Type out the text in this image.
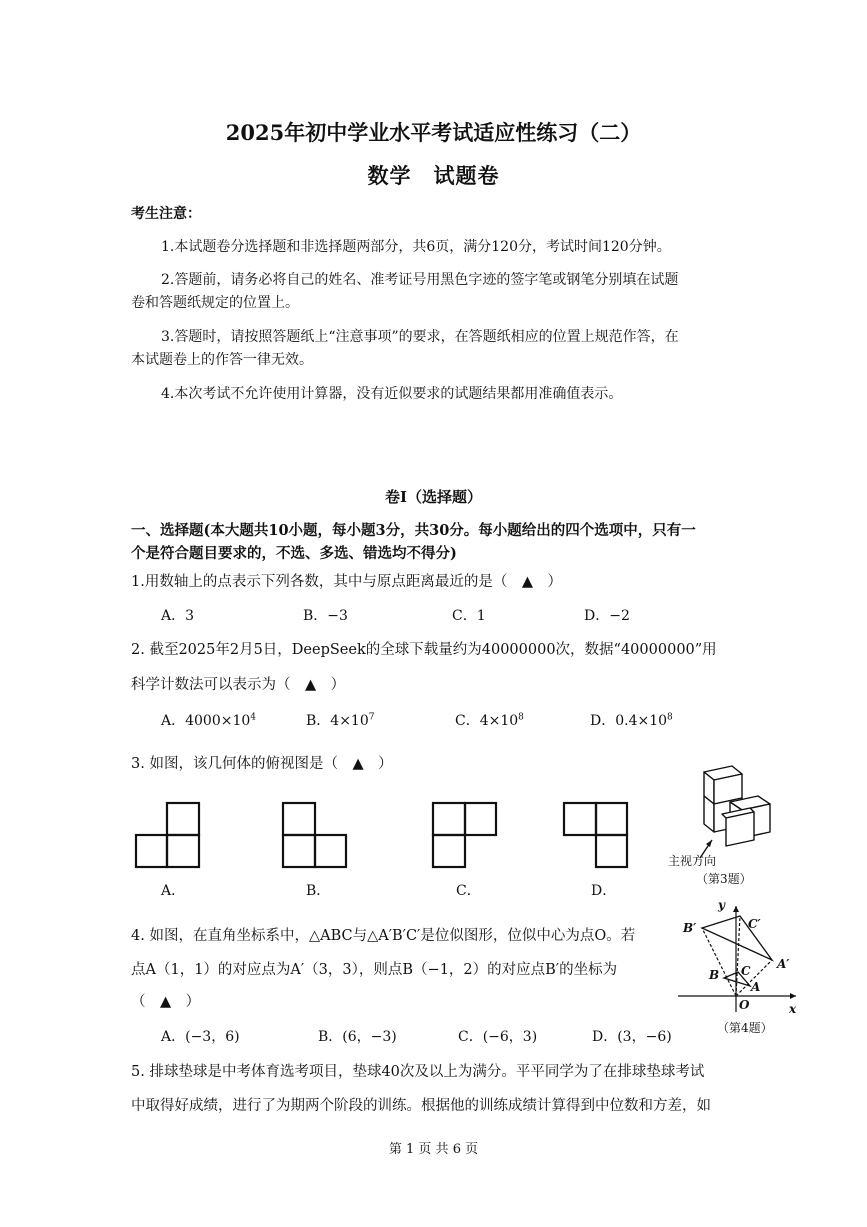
2025年初中学业水平考试适应性练习（二）
数学　试题卷
考生注意：
1.本试题卷分选择题和非选择题两部分，共6页，满分120分，考试时间120分钟。
2.答题前，请务必将自己的姓名、准考证号用黑色字迹的签字笔或钢笔分别填在试题
卷和答题纸规定的位置上。
3.答题时，请按照答题纸上“注意事项”的要求，在答题纸相应的位置上规范作答，在
本试题卷上的作答一律无效。
4.本次考试不允许使用计算器，没有近似要求的试题结果都用准确值表示。
卷Ⅰ（选择题）
一、选择题(本大题共10小题，每小题3分，共30分。每小题给出的四个选项中，只有一
个是符合题目要求的，不选、多选、错选均不得分)
1.用数轴上的点表示下列各数，其中与原点距离最近的是（　▲　）
A．3	B．−3	C．1	D．−2
2. 截至2025年2月5日，DeepSeek的全球下载量约为40000000次，数据“40000000”用
科学计数法可以表示为（　▲　）
A．$4000\times 10^4$	B．$4\times 10^7$	C．$4\times 10^8$	D．$0.4\times 10^8$
3. 如图，该几何体的俯视图是（　▲　）
A．	B．	C．	D．
主视方向
（第3题）
4. 如图，在直角坐标系中，△ABC与△A′B′C′是位似图形，位似中心为点O。若
点A（1，1）的对应点为A′（3，3），则点B（−1，2）的对应点B′的坐标为
（　▲　）
A．(−3，6)	B．(6，−3)	C．(−6，3)	D．(3，−6)
y
x
O
B′	C′
A′
B C
A
（第4题）
5. 排球垫球是中考体育选考项目，垫球40次及以上为满分。平平同学为了在排球垫球考试
中取得好成绩，进行了为期两个阶段的训练。根据他的训练成绩计算得到中位数和方差，如
第 1 页 共 6 页
